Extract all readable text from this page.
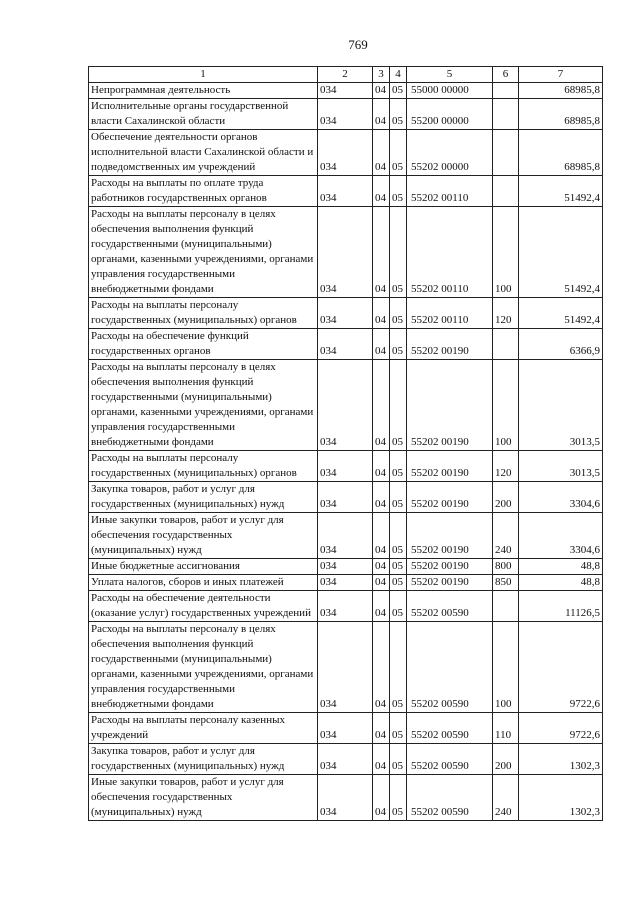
769
1	2	3	4	5	6	7
Непрограммная деятельность	034	04	05	55000 00000		68985,8
Исполнительные органы государственной власти Сахалинской области	034	04	05	55200 00000		68985,8
Обеспечение деятельности органов исполнительной власти Сахалинской области и подведомственных им учреждений	034	04	05	55202 00000		68985,8
Расходы на выплаты по оплате труда работников государственных органов	034	04	05	55202 00110		51492,4
Расходы на выплаты персоналу в целях обеспечения выполнения функций государственными (муниципальными) органами, казенными учреждениями, органами управления государственными внебюджетными фондами	034	04	05	55202 00110	100	51492,4
Расходы на выплаты персоналу государственных (муниципальных) органов	034	04	05	55202 00110	120	51492,4
Расходы на обеспечение функций государственных органов	034	04	05	55202 00190		6366,9
Расходы на выплаты персоналу в целях обеспечения выполнения функций государственными (муниципальными) органами, казенными учреждениями, органами управления государственными внебюджетными фондами	034	04	05	55202 00190	100	3013,5
Расходы на выплаты персоналу государственных (муниципальных) органов	034	04	05	55202 00190	120	3013,5
Закупка товаров, работ и услуг для государственных (муниципальных) нужд	034	04	05	55202 00190	200	3304,6
Иные закупки товаров, работ и услуг для обеспечения государственных (муниципальных) нужд	034	04	05	55202 00190	240	3304,6
Иные бюджетные ассигнования	034	04	05	55202 00190	800	48,8
Уплата налогов, сборов и иных платежей	034	04	05	55202 00190	850	48,8
Расходы на обеспечение деятельности (оказание услуг) государственных учреждений	034	04	05	55202 00590		11126,5
Расходы на выплаты персоналу в целях обеспечения выполнения функций государственными (муниципальными) органами, казенными учреждениями, органами управления государственными внебюджетными фондами	034	04	05	55202 00590	100	9722,6
Расходы на выплаты персоналу казенных учреждений	034	04	05	55202 00590	110	9722,6
Закупка товаров, работ и услуг для государственных (муниципальных) нужд	034	04	05	55202 00590	200	1302,3
Иные закупки товаров, работ и услуг для обеспечения государственных (муниципальных) нужд	034	04	05	55202 00590	240	1302,3
